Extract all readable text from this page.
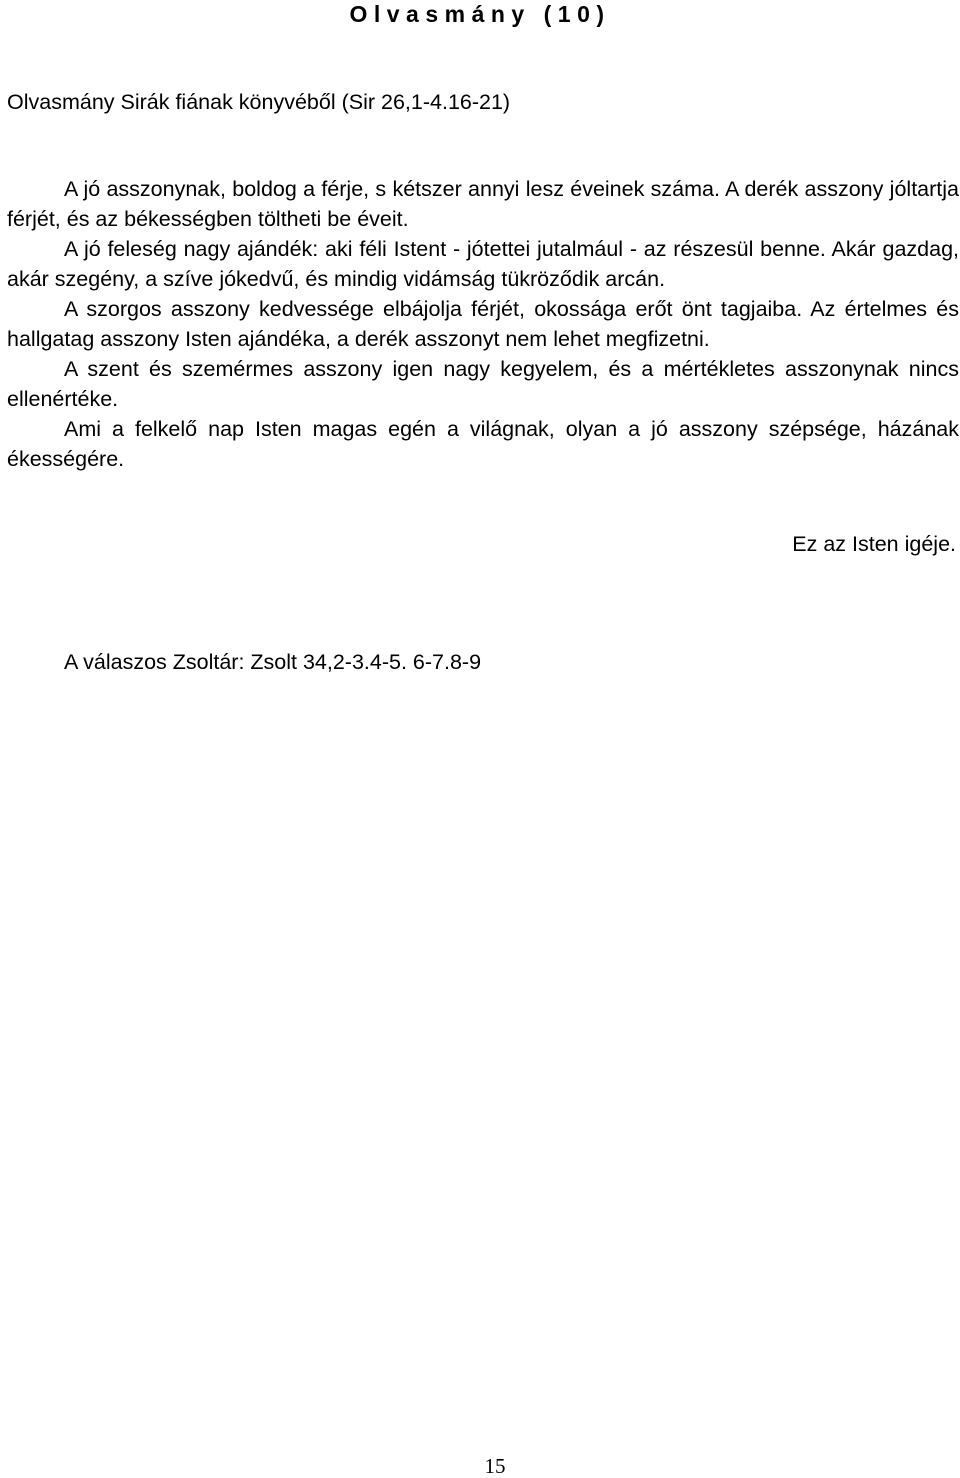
Olvasmány (10)
Olvasmány Sirák fiának könyvéből (Sir 26,1-4.16-21)

A jó asszonynak, boldog a férje, s kétszer annyi lesz éveinek száma. A derék asszony jóltartja férjét, és az békességben töltheti be éveit.

A jó feleség nagy ajándék: aki féli Istent - jótettei jutalmául - az részesül benne. Akár gazdag, akár szegény, a szíve jókedvű, és mindig vidámság tükröződik arcán.

A szorgos asszony kedvessége elbájolja férjét, okossága erőt önt tagjaiba. Az értelmes és hallgatag asszony Isten ajándéka, a derék asszonyt nem lehet megfizetni.

A szent és szemérmes asszony igen nagy kegyelem, és a mértékletes asszonynak nincs ellenértéke.

Ami a felkelő nap Isten magas egén a világnak, olyan a jó asszony szépsége, házának ékességére.

Ez az Isten igéje.
A válaszos Zsoltár: Zsolt 34,2-3.4-5. 6-7.8-9
15
